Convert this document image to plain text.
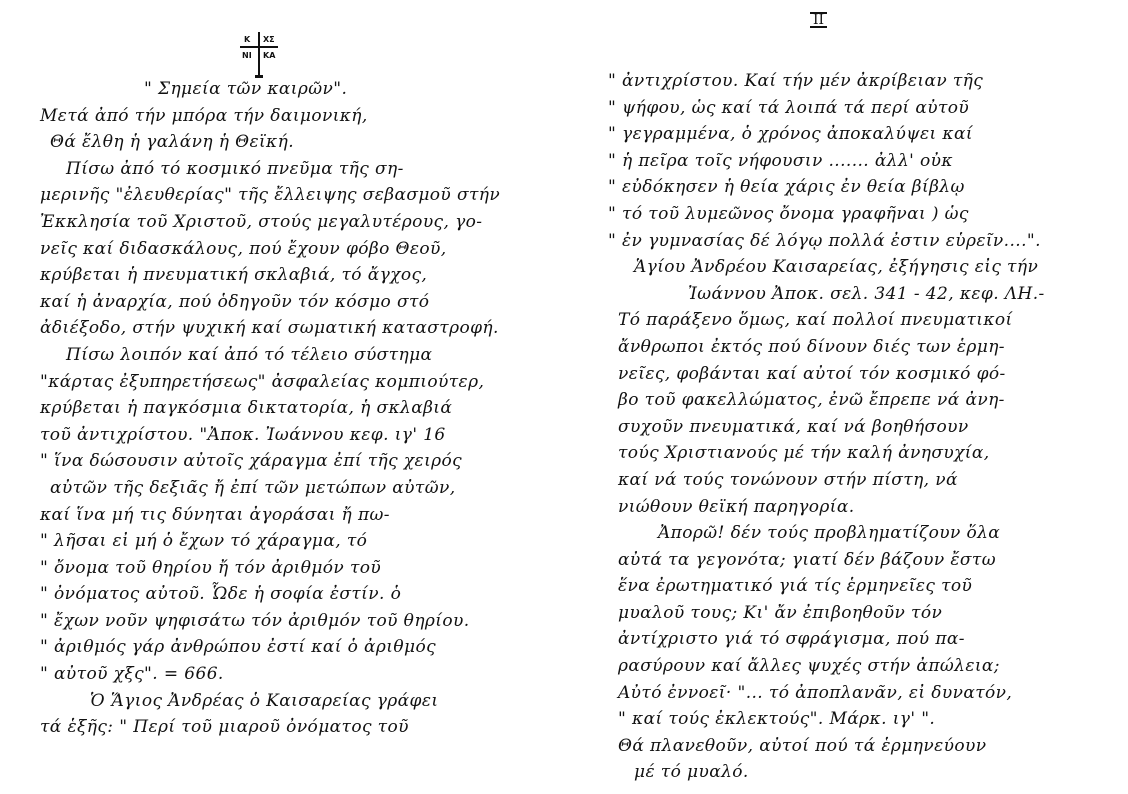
Κ ΧΣ
ΝΙ ΚΑ
" Σημεία τῶν καιρῶν".
Μετά ἀπό τήν μπόρα τήν δαιμονική,
Θά ἔλθη ἡ γαλάνη ἡ Θεϊκή.
Πίσω ἀπό τό κοσμικό πνεῦμα τῆς ση-
μερινῆς "ἐλευθερίας" τῆς ἔλλειψης σεβασμοῦ στήν
Ἐκκλησία τοῦ Χριστοῦ, στούς μεγαλυτέρους, γο-
νεῖς καί διδασκάλους, πού ἔχουν φόβο Θεοῦ,
κρύβεται ἡ πνευματική σκλαβιά, τό ἄγχος,
καί ἡ ἀναρχία, πού ὁδηγοῦν τόν κόσμο στό
ἀδιέξοδο, στήν ψυχική καί σωματική καταστροφή.
Πίσω λοιπόν καί ἀπό τό τέλειο σύστημα
"κάρτας ἐξυπηρετήσεως" ἀσφαλείας κομπιούτερ,
κρύβεται ἡ παγκόσμια δικτατορία, ἡ σκλαβιά
τοῦ ἀντιχρίστου. "Ἀποκ. Ἰωάννου κεφ. ιγ' 16
" ἵνα δώσουσιν αὐτοῖς χάραγμα ἐπί τῆς χειρός
αὐτῶν τῆς δεξιᾶς ἤ ἐπί τῶν μετώπων αὐτῶν,
καί ἵνα μή τις δύνηται ἀγοράσαι ἤ πω-
" λῆσαι εἰ μή ὁ ἔχων τό χάραγμα, τό
" ὄνομα τοῦ θηρίου ἤ τόν ἀριθμόν τοῦ
" ὀνόματος αὐτοῦ. Ὧδε ἡ σοφία ἐστίν. ὁ
" ἔχων νοῦν ψηφισάτω τόν ἀριθμόν τοῦ θηρίου.
" ἀριθμός γάρ ἀνθρώπου ἐστί καί ὁ ἀριθμός
" αὐτοῦ χξς". = 666.
Ὁ Ἅγιος Ἀνδρέας ὁ Καισαρείας γράφει
τά ἑξῆς: " Περί τοῦ μιαροῦ ὀνόματος τοῦ
II
" ἀντιχρίστου. Καί τήν μέν ἀκρίβειαν τῆς
" ψήφου, ὡς καί τά λοιπά τά περί αὐτοῦ
" γεγραμμένα, ὁ χρόνος ἀποκαλύψει καί
" ἡ πεῖρα τοῖς νήφουσιν ....... ἀλλ' οὐκ
" εὐδόκησεν ἡ θεία χάρις ἐν θεία βίβλῳ
" τό τοῦ λυμεῶνος ὄνομα γραφῆναι ) ὡς
" ἐν γυμνασίας δέ λόγῳ πολλά ἐστιν εὑρεῖν....".
Ἁγίου Ἀνδρέου Καισαρείας, ἐξήγησις εἰς τήν
Ἰωάννου Ἀποκ. σελ. 341 - 42, κεφ. ΛΗ.-
Τό παράξενο ὅμως, καί πολλοί πνευματικοί
ἄνθρωποι ἐκτός πού δίνουν διές των ἑρμη-
νεῖες, φοβάνται καί αὐτοί τόν κοσμικό φό-
βο τοῦ φακελλώματος, ἐνῶ ἔπρεπε νά ἀνη-
συχοῦν πνευματικά, καί νά βοηθήσουν
τούς Χριστιανούς μέ τήν καλή ἀνησυχία,
καί νά τούς τονώνουν στήν πίστη, νά
νιώθουν θεϊκή παρηγορία.
Ἀπορῶ! δέν τούς προβληματίζουν ὅλα
αὐτά τα γεγονότα; γιατί δέν βάζουν ἔστω
ἕνα ἐρωτηματικό γιά τίς ἑρμηνεῖες τοῦ
μυαλοῦ τους; Κι' ἄν ἐπιβοηθοῦν τόν
ἀντίχριστο γιά τό σφράγισμα, πού πα-
ρασύρουν καί ἄλλες ψυχές στήν ἀπώλεια;
Αὐτό ἐννοεῖ· "... τό ἀποπλανᾶν, εἰ δυνατόν,
" καί τούς ἐκλεκτούς". Μάρκ. ιγ' ".
Θά πλανεθοῦν, αὐτοί πού τά ἑρμηνεύουν
μέ τό μυαλό.
